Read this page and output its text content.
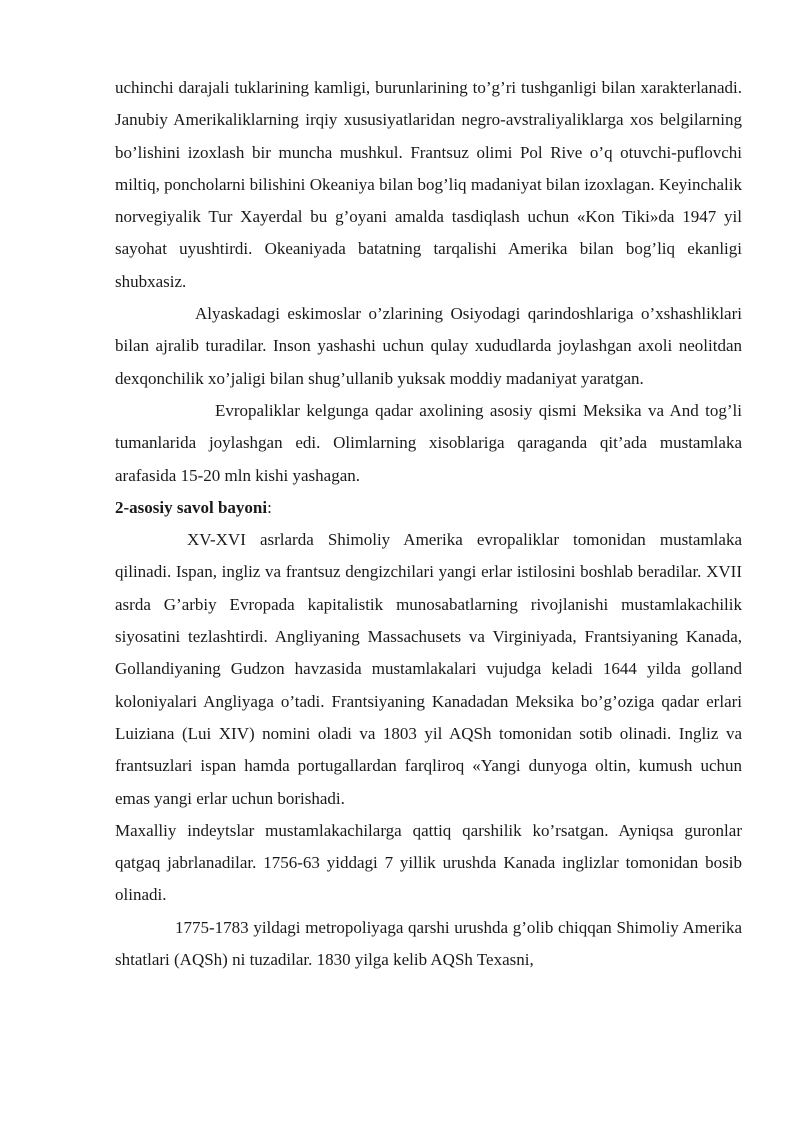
uchinchi darajali tuklarining kamligi, burunlarining to’g’ri tushganligi bilan xarakterlanadi. Janubiy Amerikaliklarning irqiy xususiyatlaridan negro-avstraliyaliklarga xos belgilarning bo’lishini izoxlash bir muncha mushkul. Frantsuz olimi Pol Rive o’q otuvchi-puflovchi miltiq, poncholarni bilishini Okeaniya bilan bog’liq madaniyat bilan izoxlagan. Keyinchalik norvegiyalik Tur Xayerdal bu g’oyani amalda tasdiqlash uchun «Kon Tiki»da 1947 yil sayohat uyushtirdi. Okeaniyada batatning tarqalishi Amerika bilan bog’liq ekanligi shubxasiz.

Alyaskadagi eskimoslar o’zlarining Osiyodagi qarindoshlariga o’xshashliklari bilan ajralib turadilar. Inson yashashi uchun qulay xududlarda joylashgan axoli neolitdan dexqonchilik xo’jaligi bilan shug’ullanib yuksak moddiy madaniyat yaratgan.

Evropaliklar kelgunga qadar axolining asosiy qismi Meksika va And tog’li tumanlarida joylashgan edi. Olimlarning xisoblariga qaraganda qit’ada mustamlaka arafasida 15-20 mln kishi yashagan.

2-asosiy savol bayoni:

XV-XVI asrlarda Shimoliy Amerika evropaliklar tomonidan mustamlaka qilinadi. Ispan, ingliz va frantsuz dengizchilari yangi erlar istilosini boshlab beradilar. XVII asrda G’arbiy Evropada kapitalistik munosabatlarning rivojlanishi mustamlakachilik siyosatini tezlashtirdi. Angliyaning Massachusets va Virginiyada, Frantsiyaning Kanada, Gollandiyaning Gudzon havzasida mustamlakalari vujudga keladi 1644 yilda golland koloniyalari Angliyaga o’tadi. Frantsiyaning Kanadadan Meksika bo’g’oziga qadar erlari Luiziana (Lui XIV) nomini oladi va 1803 yil AQSh tomonidan sotib olinadi. Ingliz va frantsuzlari ispan hamda portugallardan farqliroq «Yangi dunyoga oltin, kumush uchun emas yangi erlar uchun borishadi.

Maxalliy indeytslar mustamlakachilarga qattiq qarshilik ko’rsatgan. Ayniqsa guronlar qatgaq jabrlanadilar. 1756-63 yiddagi 7 yillik urushda Kanada inglizlar tomonidan bosib olinadi.

1775-1783 yildagi metropoliyaga qarshi urushda g’olib chiqqan Shimoliy Amerika shtatlari (AQSh) ni tuzadilar. 1830 yilga kelib AQSh Texasni,
